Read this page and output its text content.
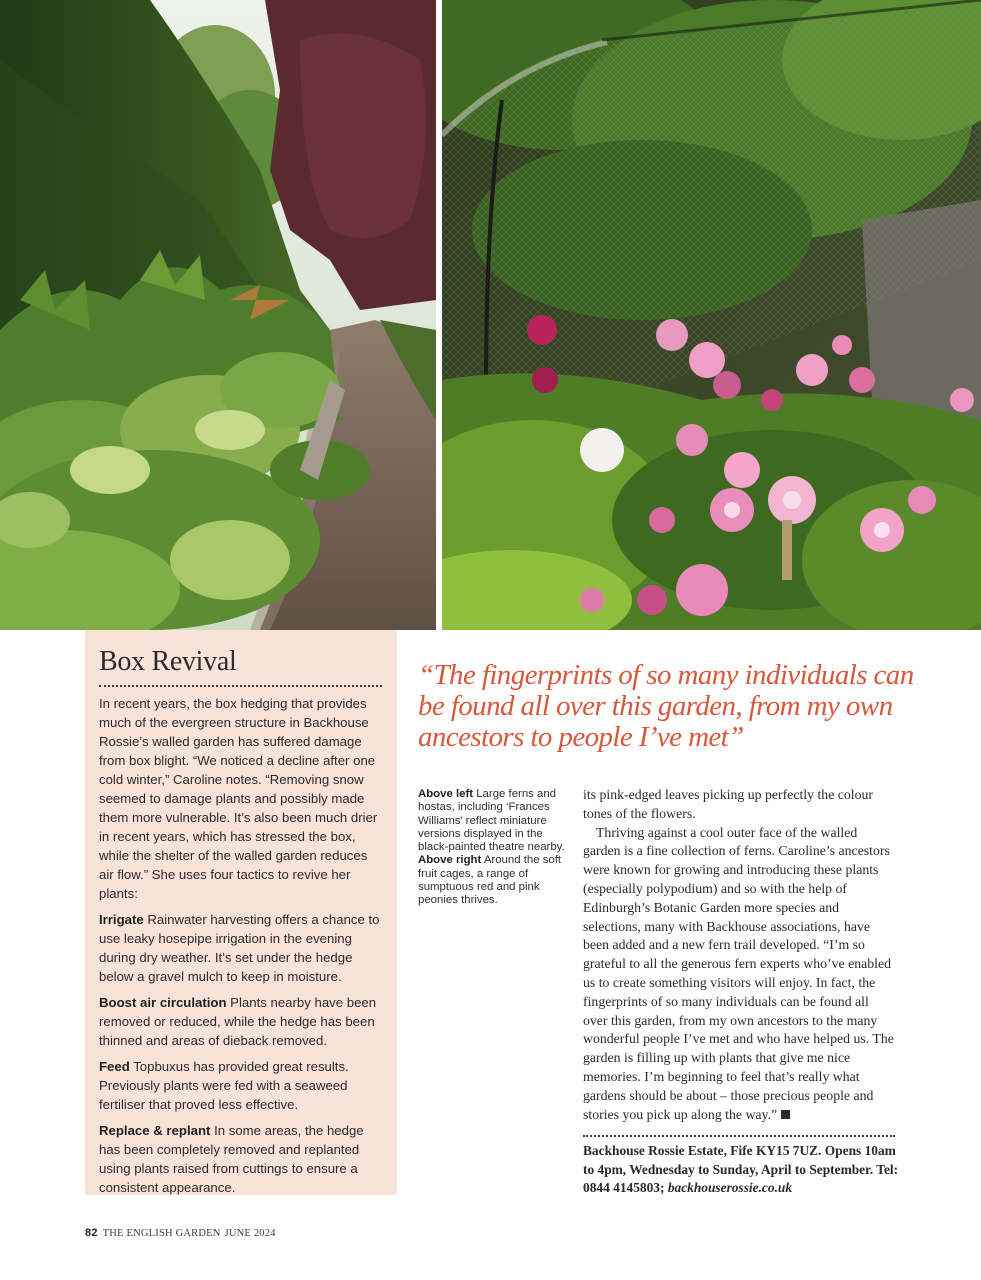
Box Revival

In recent years, the box hedging that provides much of the evergreen structure in Backhouse Rossie’s walled garden has suffered damage from box blight. “We noticed a decline after one cold winter,” Caroline notes. “Removing snow seemed to damage plants and possibly made them more vulnerable. It’s also been much drier in recent years, which has stressed the box, while the shelter of the walled garden reduces air flow.” She uses four tactics to revive her plants:

Irrigate Rainwater harvesting offers a chance to use leaky hosepipe irrigation in the evening during dry weather. It’s set under the hedge below a gravel mulch to keep in moisture.

Boost air circulation Plants nearby have been removed or reduced, while the hedge has been thinned and areas of dieback removed.

Feed Topbuxus has provided great results. Previously plants were fed with a seaweed fertiliser that proved less effective.

Replace & replant In some areas, the hedge has been completely removed and replanted using plants raised from cuttings to ensure a consistent appearance.

“The fingerprints of so many individuals can be found all over this garden, from my own ancestors to people I’ve met”
Above left Large ferns and hostas, including ‘Frances Williams’ reflect miniature versions displayed in the black-painted theatre nearby.
Above right Around the soft fruit cages, a range of sumptuous red and pink peonies thrives.

its pink-edged leaves picking up perfectly the colour tones of the flowers.

Thriving against a cool outer face of the walled garden is a fine collection of ferns. Caroline’s ancestors were known for growing and introducing these plants (especially polypodium) and so with the help of Edinburgh’s Botanic Garden more species and selections, many with Backhouse associations, have been added and a new fern trail developed. “I’m so grateful to all the generous fern experts who’ve enabled us to create something visitors will enjoy. In fact, the fingerprints of so many individuals can be found all over this garden, from my own ancestors to the many wonderful people I’ve met and who have helped us. The garden is filling up with plants that give me nice memories. I’m beginning to feel that’s really what gardens should be about – those precious people and stories you pick up along the way.”

Backhouse Rossie Estate, Fife KY15 7UZ. Opens 10am to 4pm, Wednesday to Sunday, April to September. Tel: 0844 4145803; backhouserossie.co.uk
82 THE ENGLISH GARDEN JUNE 2024
